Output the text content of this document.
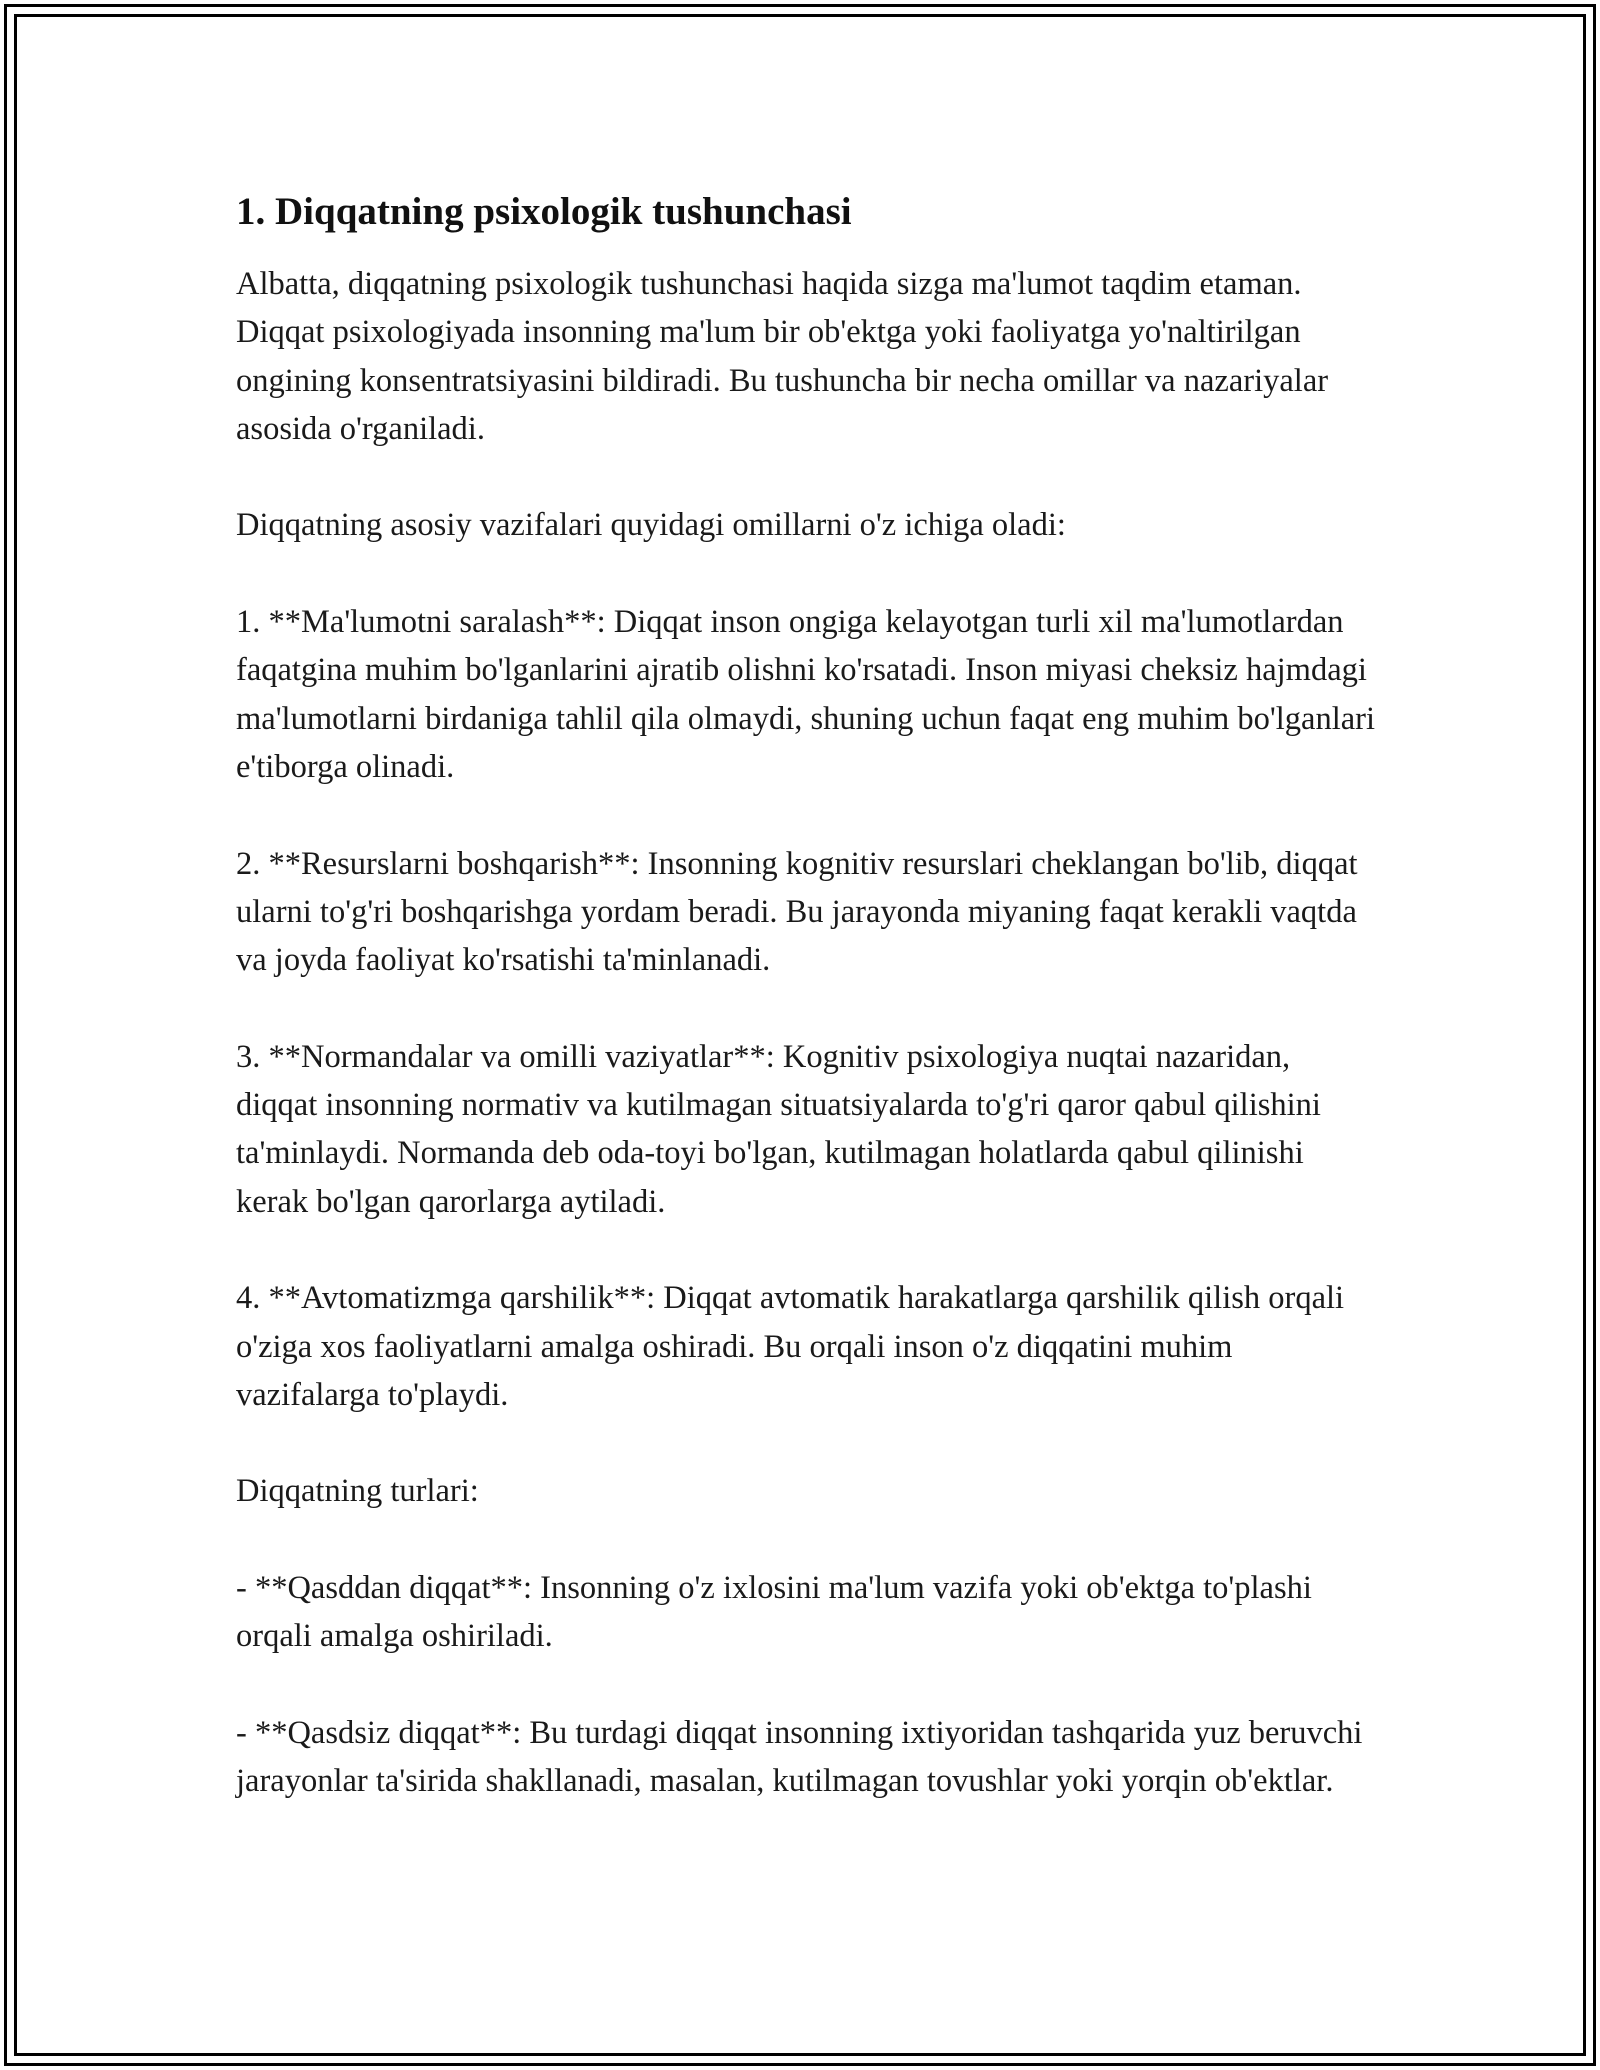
1. Diqqatning psixologik tushunchasi

Albatta, diqqatning psixologik tushunchasi haqida sizga ma'lumot taqdim etaman. Diqqat psixologiyada insonning ma'lum bir ob'ektga yoki faoliyatga yo'naltirilgan ongining konsentratsiyasini bildiradi. Bu tushuncha bir necha omillar va nazariyalar asosida o'rganiladi.

Diqqatning asosiy vazifalari quyidagi omillarni o'z ichiga oladi:

1. **Ma'lumotni saralash**: Diqqat inson ongiga kelayotgan turli xil ma'lumotlardan faqatgina muhim bo'lganlarini ajratib olishni ko'rsatadi. Inson miyasi cheksiz hajmdagi ma'lumotlarni birdaniga tahlil qila olmaydi, shuning uchun faqat eng muhim bo'lganlari e'tiborga olinadi.

2. **Resurslarni boshqarish**: Insonning kognitiv resurslari cheklangan bo'lib, diqqat ularni to'g'ri boshqarishga yordam beradi. Bu jarayonda miyaning faqat kerakli vaqtda va joyda faoliyat ko'rsatishi ta'minlanadi.

3. **Normandalar va omilli vaziyatlar**: Kognitiv psixologiya nuqtai nazaridan, diqqat insonning normativ va kutilmagan situatsiyalarda to'g'ri qaror qabul qilishini ta'minlaydi. Normanda deb oda-toyi bo'lgan, kutilmagan holatlarda qabul qilinishi kerak bo'lgan qarorlarga aytiladi.

4. **Avtomatizmga qarshilik**: Diqqat avtomatik harakatlarga qarshilik qilish orqali o'ziga xos faoliyatlarni amalga oshiradi. Bu orqali inson o'z diqqatini muhim vazifalarga to'playdi.

Diqqatning turlari:

- **Qasddan diqqat**: Insonning o'z ixlosini ma'lum vazifa yoki ob'ektga to'plashi orqali amalga oshiriladi.

- **Qasdsiz diqqat**: Bu turdagi diqqat insonning ixtiyoridan tashqarida yuz beruvchi jarayonlar ta'sirida shakllanadi, masalan, kutilmagan tovushlar yoki yorqin ob'ektlar.
